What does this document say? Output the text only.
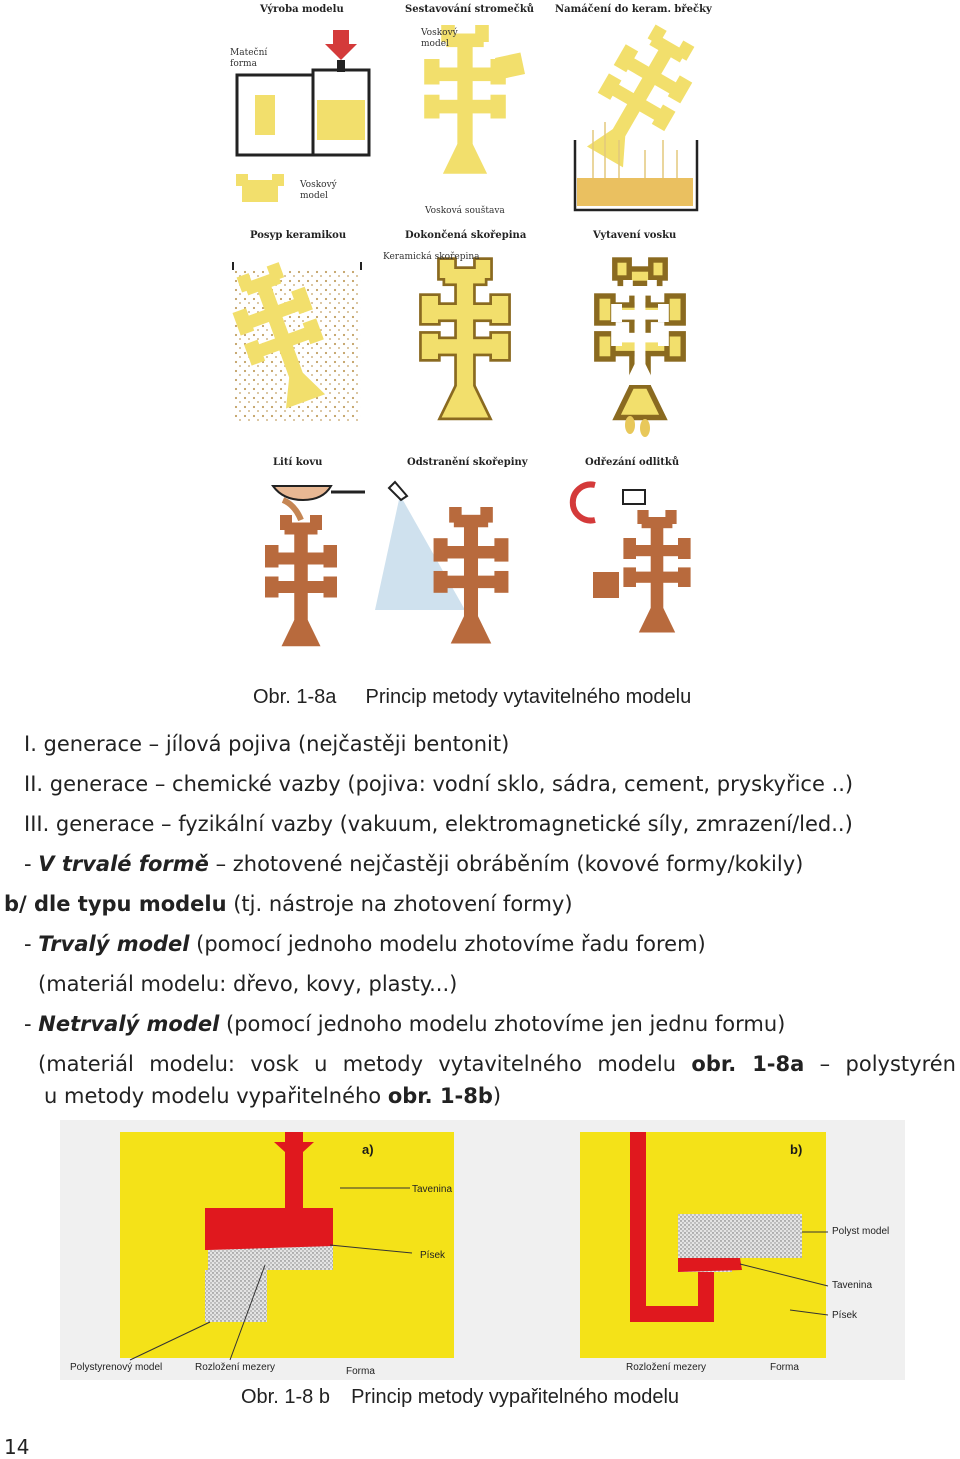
Výroba modelu	Sestavování stromečků Namáčení do keram. břečky
Mateční forma
Voskový model
Voskový model
Posyp keramikou	Dokončená skořepina	Vytavení vosku
Vosková souštava
Keramická skořepina
Lití kovu	Odstranění skořepiny	Odřezání odlitků
Obr. 1-8a Princip metody vytavitelného modelu
I. generace – jílová pojiva (nejčastěji bentonit)
II. generace – chemické vazby (pojiva: vodní sklo, sádra, cement, pryskyřice ..)
III. generace – fyzikální vazby (vakuum, elektromagnetické síly, zmrazení/led..)
- V trvalé formě – zhotovené nejčastěji obráběním (kovové formy/kokily)
b/ dle typu modelu (tj. nástroje na zhotovení formy)
- Trvalý model (pomocí jednoho modelu zhotovíme řadu forem)
(materiál modelu: dřevo, kovy, plasty...)
- Netrvalý model (pomocí jednoho modelu zhotovíme jen jednu formu)
(materiál modelu: vosk u metody vytavitelného modelu obr. 1-8a – polystyrén
u metody modelu vypařitelného obr. 1-8b)
a)
Tavenina
Písek
Polystyrenový model	Rozložení mezery	Forma
b)
Polyst model
Tavenina
Písek
Rozložení mezery	Forma
Obr. 1-8 b Princip metody vypařitelného modelu
14
